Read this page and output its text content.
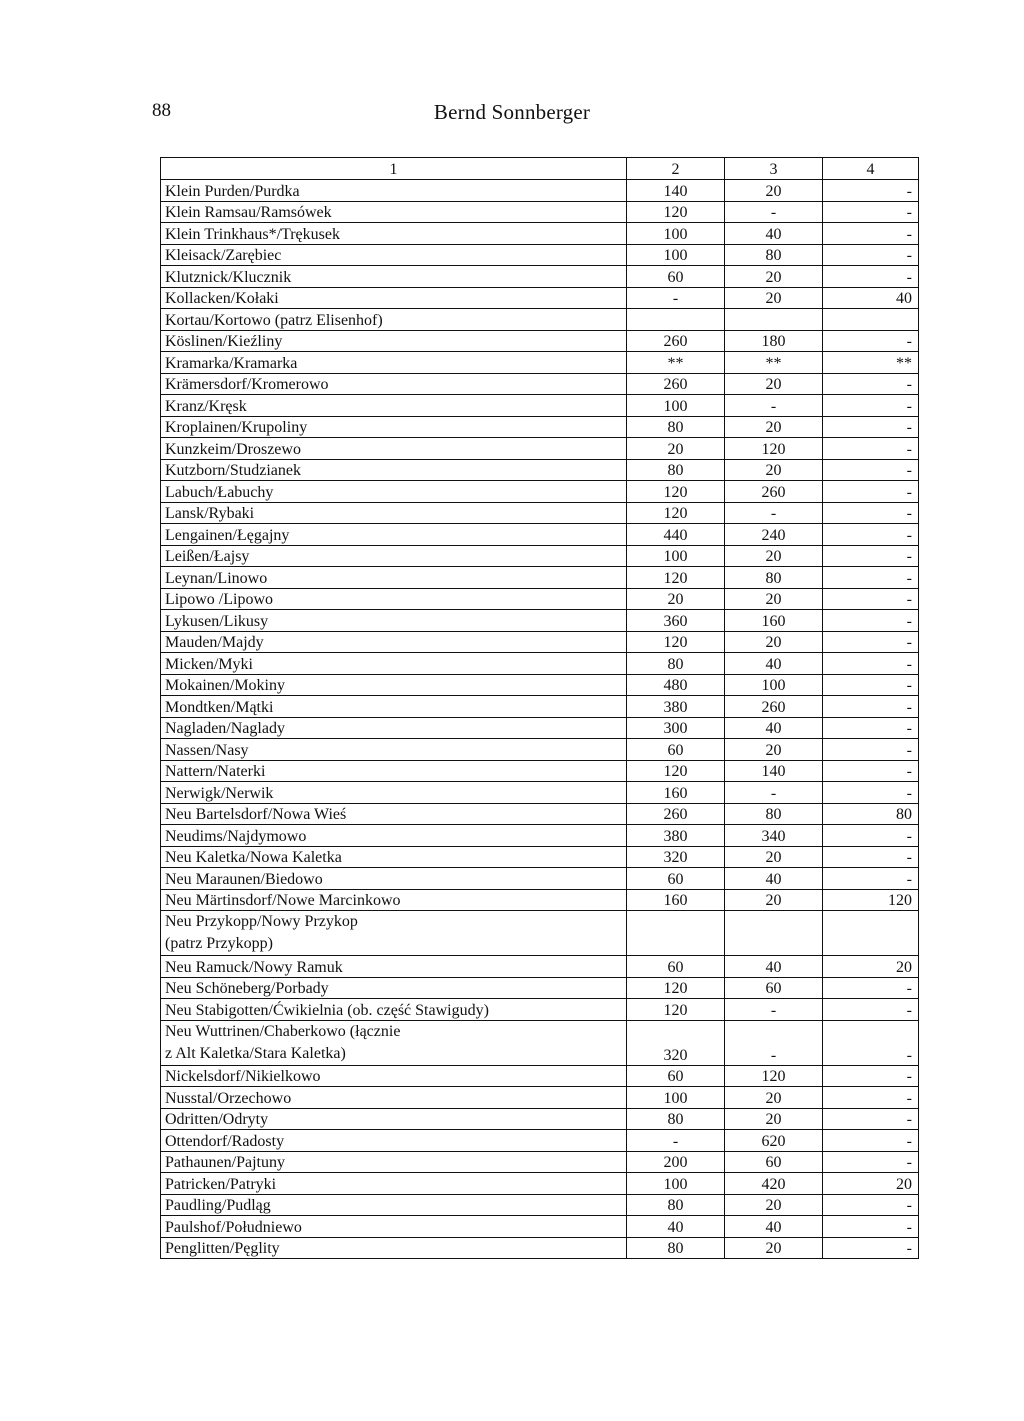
88	Bernd Sonnberger
1	2	3	4
Klein Purden/Purdka	140	20	-
Klein Ramsau/Ramsówek	120	-	-
Klein Trinkhaus*/Trękusek	100	40	-
Kleisack/Zarębiec	100	80	-
Klutznick/Klucznik	60	20	-
Kollacken/Kołaki	-	20	40
Kortau/Kortowo (patrz Elisenhof)			
Köslinen/Kieźliny	260	180	-
Kramarka/Kramarka	**	**	**
Krämersdorf/Kromerowo	260	20	-
Kranz/Kręsk	100	-	-
Kroplainen/Krupoliny	80	20	-
Kunzkeim/Droszewo	20	120	-
Kutzborn/Studzianek	80	20	-
Labuch/Łabuchy	120	260	-
Lansk/Rybaki	120	-	-
Lengainen/Łęgajny	440	240	-
Leißen/Łajsy	100	20	-
Leynan/Linowo	120	80	-
Lipowo /Lipowo	20	20	-
Lykusen/Likusy	360	160	-
Mauden/Majdy	120	20	-
Micken/Myki	80	40	-
Mokainen/Mokiny	480	100	-
Mondtken/Mątki	380	260	-
Nagladen/Naglady	300	40	-
Nassen/Nasy	60	20	-
Nattern/Naterki	120	140	-
Nerwigk/Nerwik	160	-	-
Neu Bartelsdorf/Nowa Wieś	260	80	80
Neudims/Najdymowo	380	340	-
Neu Kaletka/Nowa Kaletka	320	20	-
Neu Maraunen/Biedowo	60	40	-
Neu Märtinsdorf/Nowe Marcinkowo	160	20	120

Neu Przykopp/Nowy Przykop
(patrz Przykopp)			

Neu Ramuck/Nowy Ramuk	60	40	20
Neu Schöneberg/Porbady	120	60	-
Neu Stabigotten/Ćwikielnia (ob. część Stawigudy)	120	-	-

Neu Wuttrinen/Chaberkowo (łącznie
z Alt Kaletka/Stara Kaletka)	320	-	-
Nickelsdorf/Nikielkowo	60	120	-
Nusstal/Orzechowo	100	20	-
Odritten/Odryty	80	20	-
Ottendorf/Radosty	-	620	-
Pathaunen/Pajtuny	200	60	-
Patricken/Patryki	100	420	20
Paudling/Pudląg	80	20	-
Paulshof/Południewo	40	40	-
Penglitten/Pęglity	80	20	-
